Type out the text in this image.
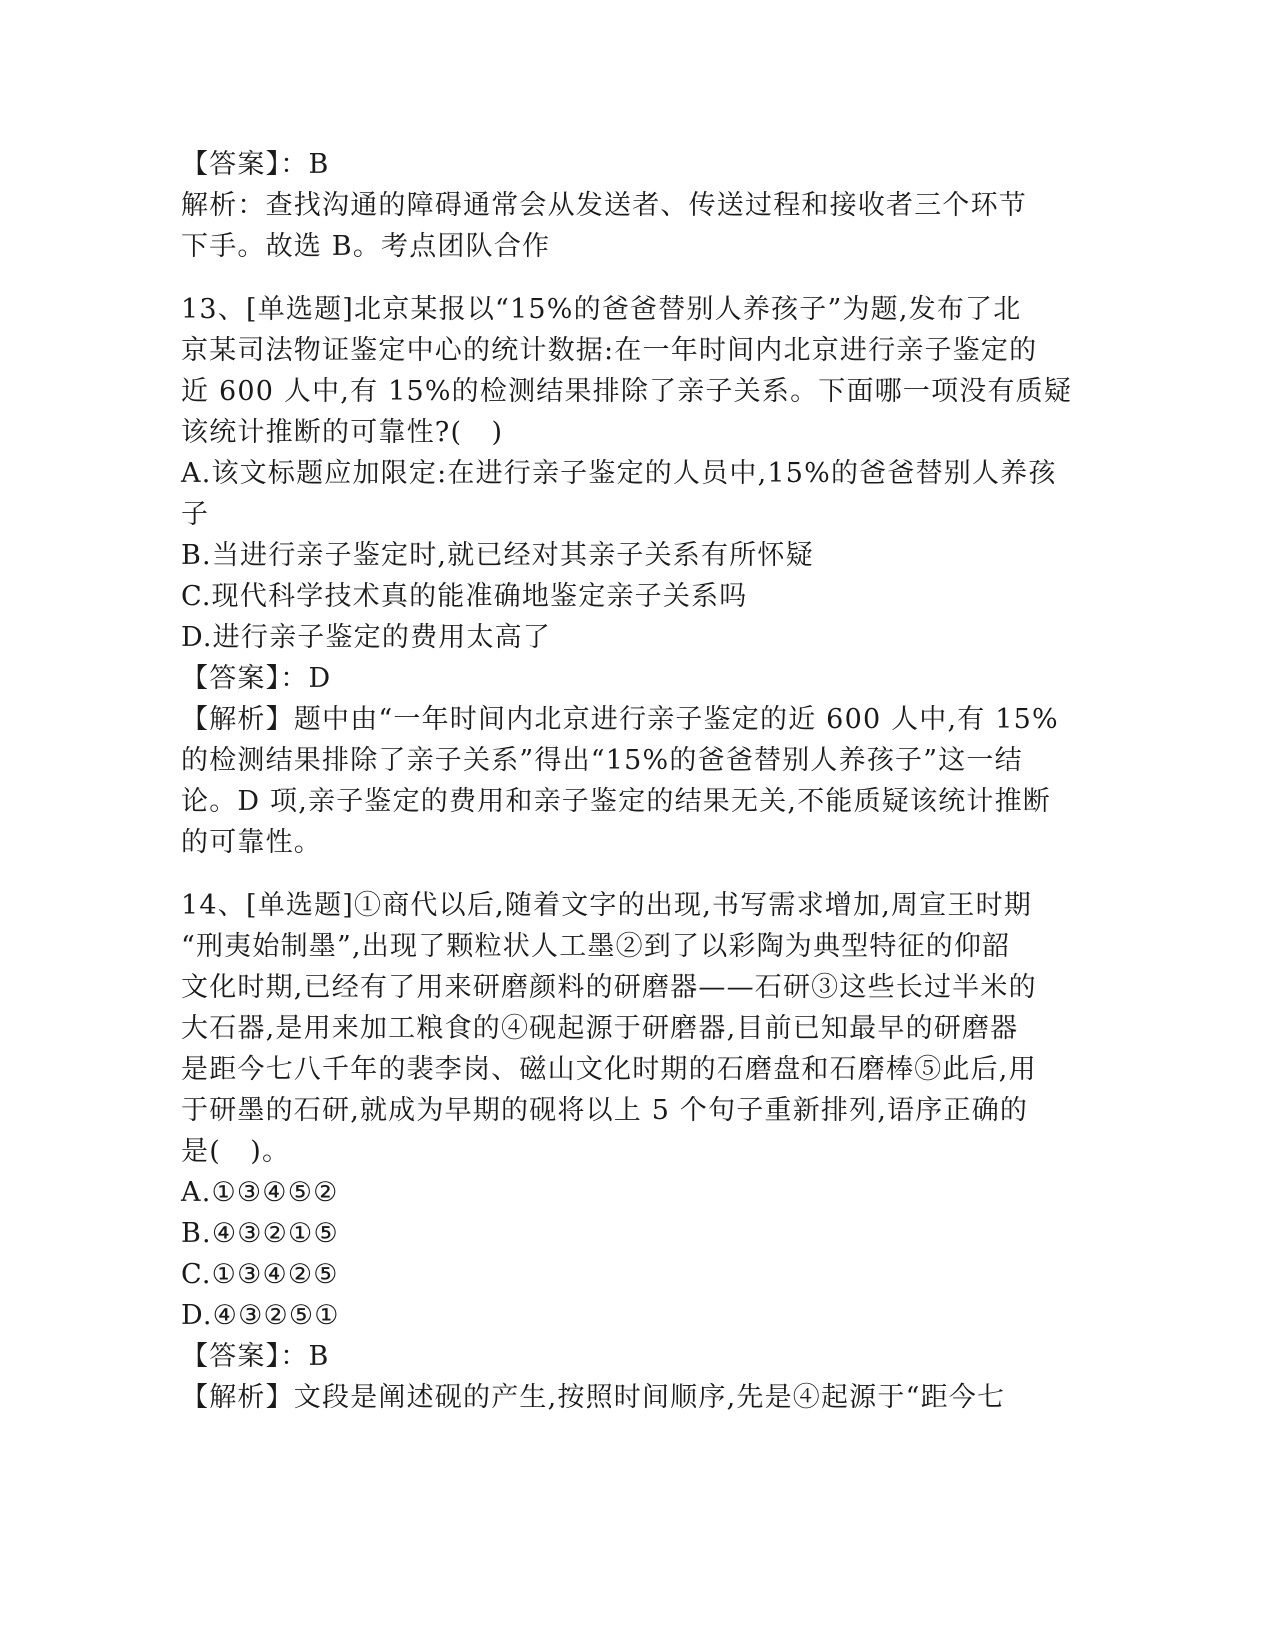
【答案】：B
解析：查找沟通的障碍通常会从发送者、传送过程和接收者三个环节
下手。故选 B。考点团队合作
13、[单选题]北京某报以“15%的爸爸替别人养孩子”为题,发布了北
京某司法物证鉴定中心的统计数据:在一年时间内北京进行亲子鉴定的
近 600 人中,有 15%的检测结果排除了亲子关系。下面哪一项没有质疑
该统计推断的可靠性?(   )
A.该文标题应加限定:在进行亲子鉴定的人员中,15%的爸爸替别人养孩
子
B.当进行亲子鉴定时,就已经对其亲子关系有所怀疑
C.现代科学技术真的能准确地鉴定亲子关系吗
D.进行亲子鉴定的费用太高了
【答案】：D
【解析】题中由“一年时间内北京进行亲子鉴定的近 600 人中,有 15%
的检测结果排除了亲子关系”得出“15%的爸爸替别人养孩子”这一结
论。D 项,亲子鉴定的费用和亲子鉴定的结果无关,不能质疑该统计推断
的可靠性。
14、[单选题]①商代以后,随着文字的出现,书写需求增加,周宣王时期
“刑夷始制墨”,出现了颗粒状人工墨②到了以彩陶为典型特征的仰韶
文化时期,已经有了用来研磨颜料的研磨器——石研③这些长过半米的
大石器,是用来加工粮食的④砚起源于研磨器,目前已知最早的研磨器
是距今七八千年的裴李岗、磁山文化时期的石磨盘和石磨棒⑤此后,用
于研墨的石研,就成为早期的砚将以上 5 个句子重新排列,语序正确的
是(   )。
A.①③④⑤②
B.④③②①⑤
C.①③④②⑤
D.④③②⑤①
【答案】：B
【解析】文段是阐述砚的产生,按照时间顺序,先是④起源于“距今七
